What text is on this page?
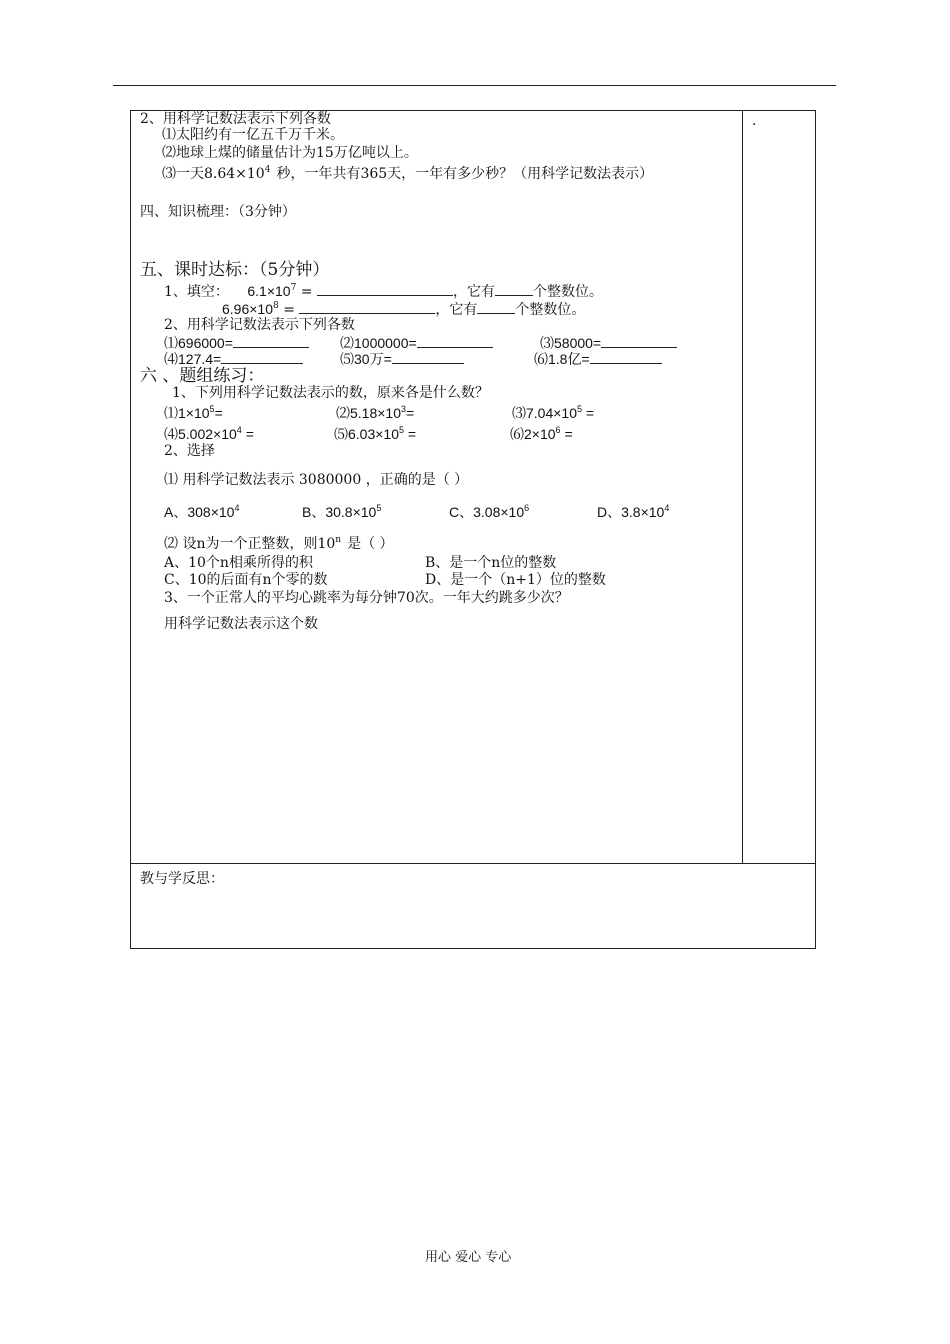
.
2、用科学记数法表示下列各数
⑴太阳约有一亿五千万千米。
⑵地球上煤的储量估计为15万亿吨以上。
⑶一天$8.64\times 10^4$ 秒，一年共有365天，一年有多少秒？（用科学记数法表示）
四、知识梳理：（3分钟）
五、课时达标：（5分钟）
1、填空： $6.1\times 10^7$ =	，它有	个整数位。
$6.96\times 10^8$ =	，它有	个整数位。
2、用科学记数法表示下列各数
⑴696000=	⑵1000000=	⑶58000=
⑷127.4=	⑸30万=	⑹1.8亿=
六 、题组练习：
1、下列用科学记数法表示的数，原来各是什么数？
$⑴1\times 10^5=$	$⑵5.18\times 10^3=$	$⑶7.04\times 10^5$ =
$⑷5.002\times 10^4$ =	$⑸6.03\times 10^5$ =	$⑹2\times 10^6$ =
2、选择
⑴ 用科学记数法表示 3080000 ，正确的是（ ）
A、$308\times 10^4$	B、$30.8\times 10^5$	C、$3.08\times 10^6$	D、$3.8\times 10^4$
⑵ 设n为一个正整数，则10$^n$ 是（ ）
A、10个n相乘所得的积	B、是一个n位的整数
C、10的后面有n个零的数	D、是一个（n+1）位的整数
3、一个正常人的平均心跳率为每分钟70次。一年大约跳多少次？
用科学记数法表示这个数
教与学反思：
用心 爱心 专心
